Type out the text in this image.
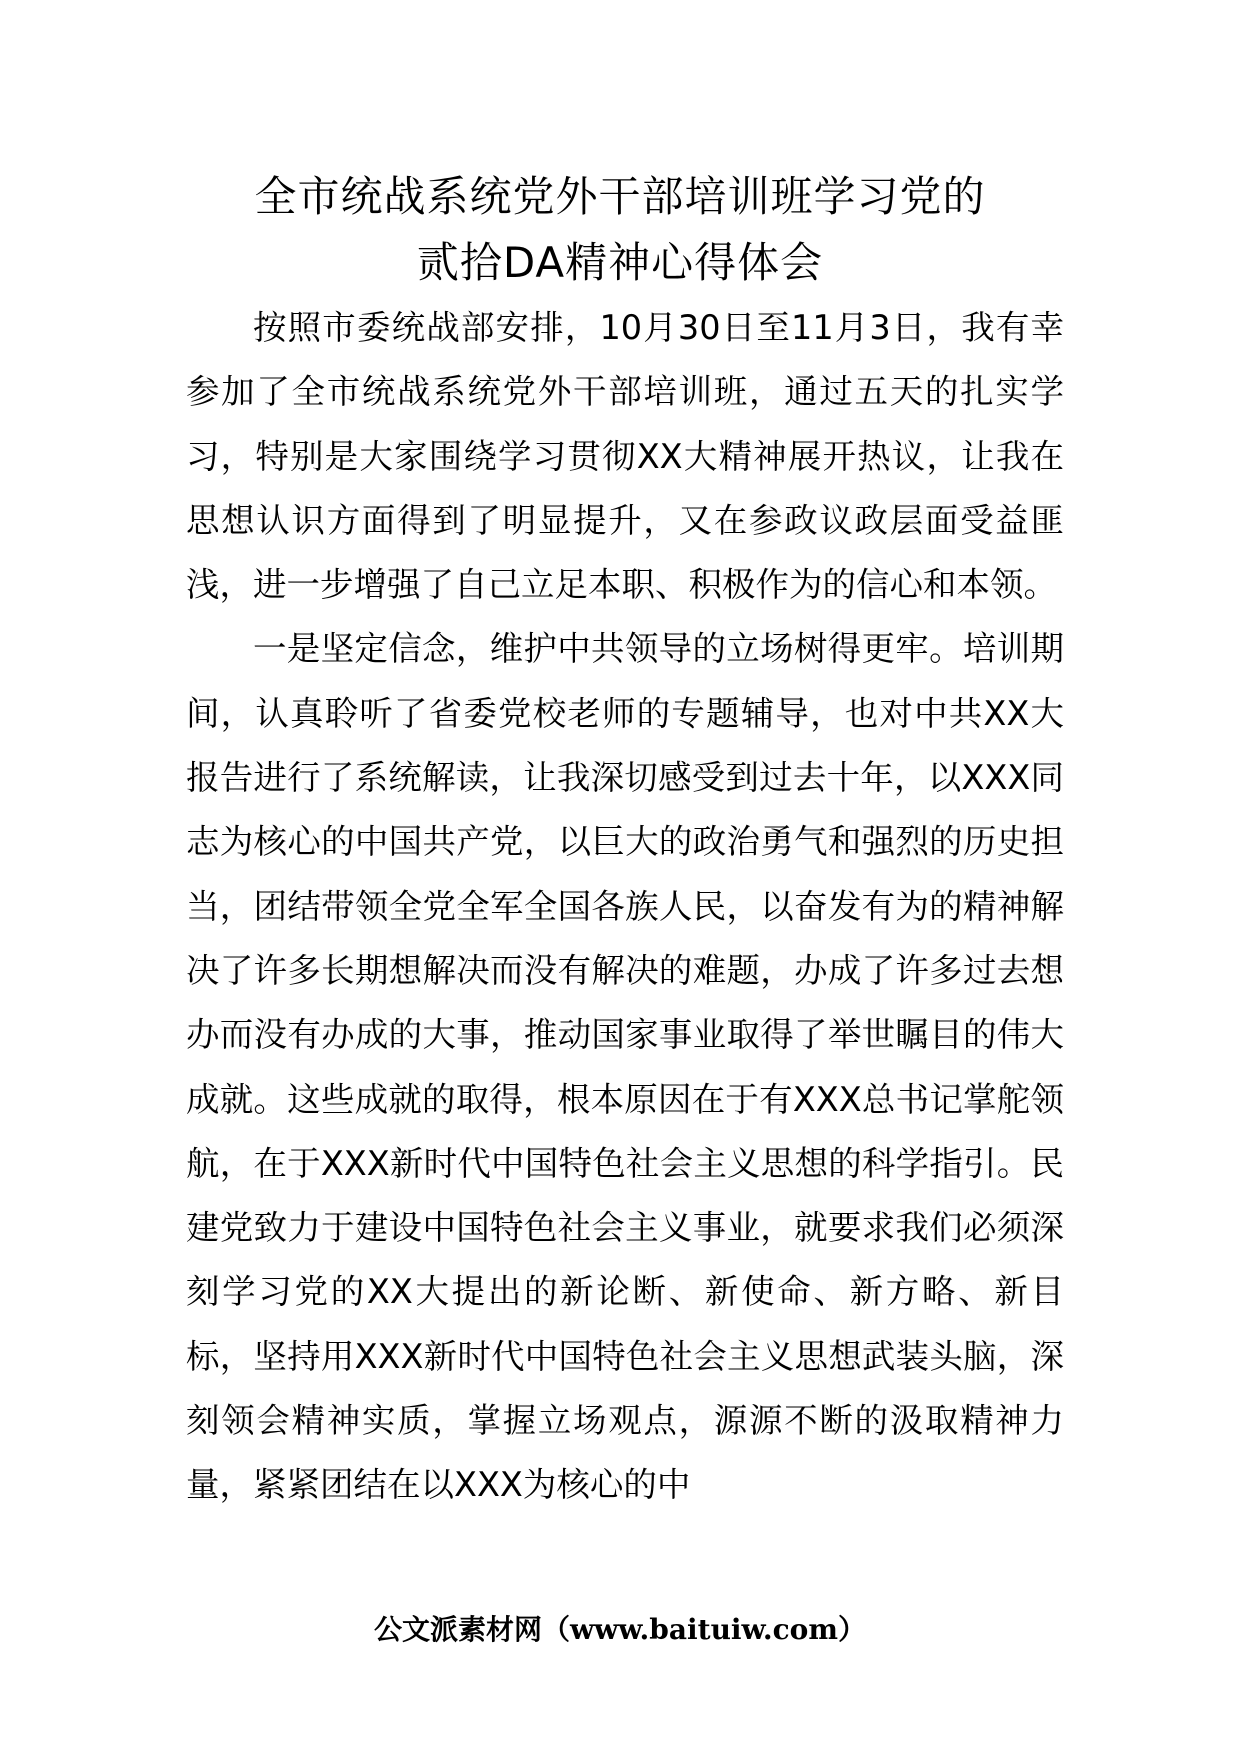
全市统战系统党外干部培训班学习党的
贰拾DA精神心得体会

按照市委统战部安排，10月30日至11月3日，我有幸参加了全市统战系统党外干部培训班，通过五天的扎实学习，特别是大家围绕学习贯彻XX大精神展开热议，让我在思想认识方面得到了明显提升，又在参政议政层面受益匪浅，进一步增强了自己立足本职、积极作为的信心和本领。

一是坚定信念，维护中共领导的立场树得更牢。培训期间，认真聆听了省委党校老师的专题辅导，也对中共XX大报告进行了系统解读，让我深切感受到过去十年，以XXX同志为核心的中国共产党，以巨大的政治勇气和强烈的历史担当，团结带领全党全军全国各族人民，以奋发有为的精神解决了许多长期想解决而没有解决的难题，办成了许多过去想办而没有办成的大事，推动国家事业取得了举世瞩目的伟大成就。这些成就的取得，根本原因在于有XXX总书记掌舵领航，在于XXX新时代中国特色社会主义思想的科学指引。民建党致力于建设中国特色社会主义事业，就要求我们必须深刻学习党的XX大提出的新论断、新使命、新方略、新目标，坚持用XXX新时代中国特色社会主义思想武装头脑，深刻领会精神实质，掌握立场观点，源源不断的汲取精神力量，紧紧团结在以XXX为核心的中

公文派素材网（www.baituiw.com）
